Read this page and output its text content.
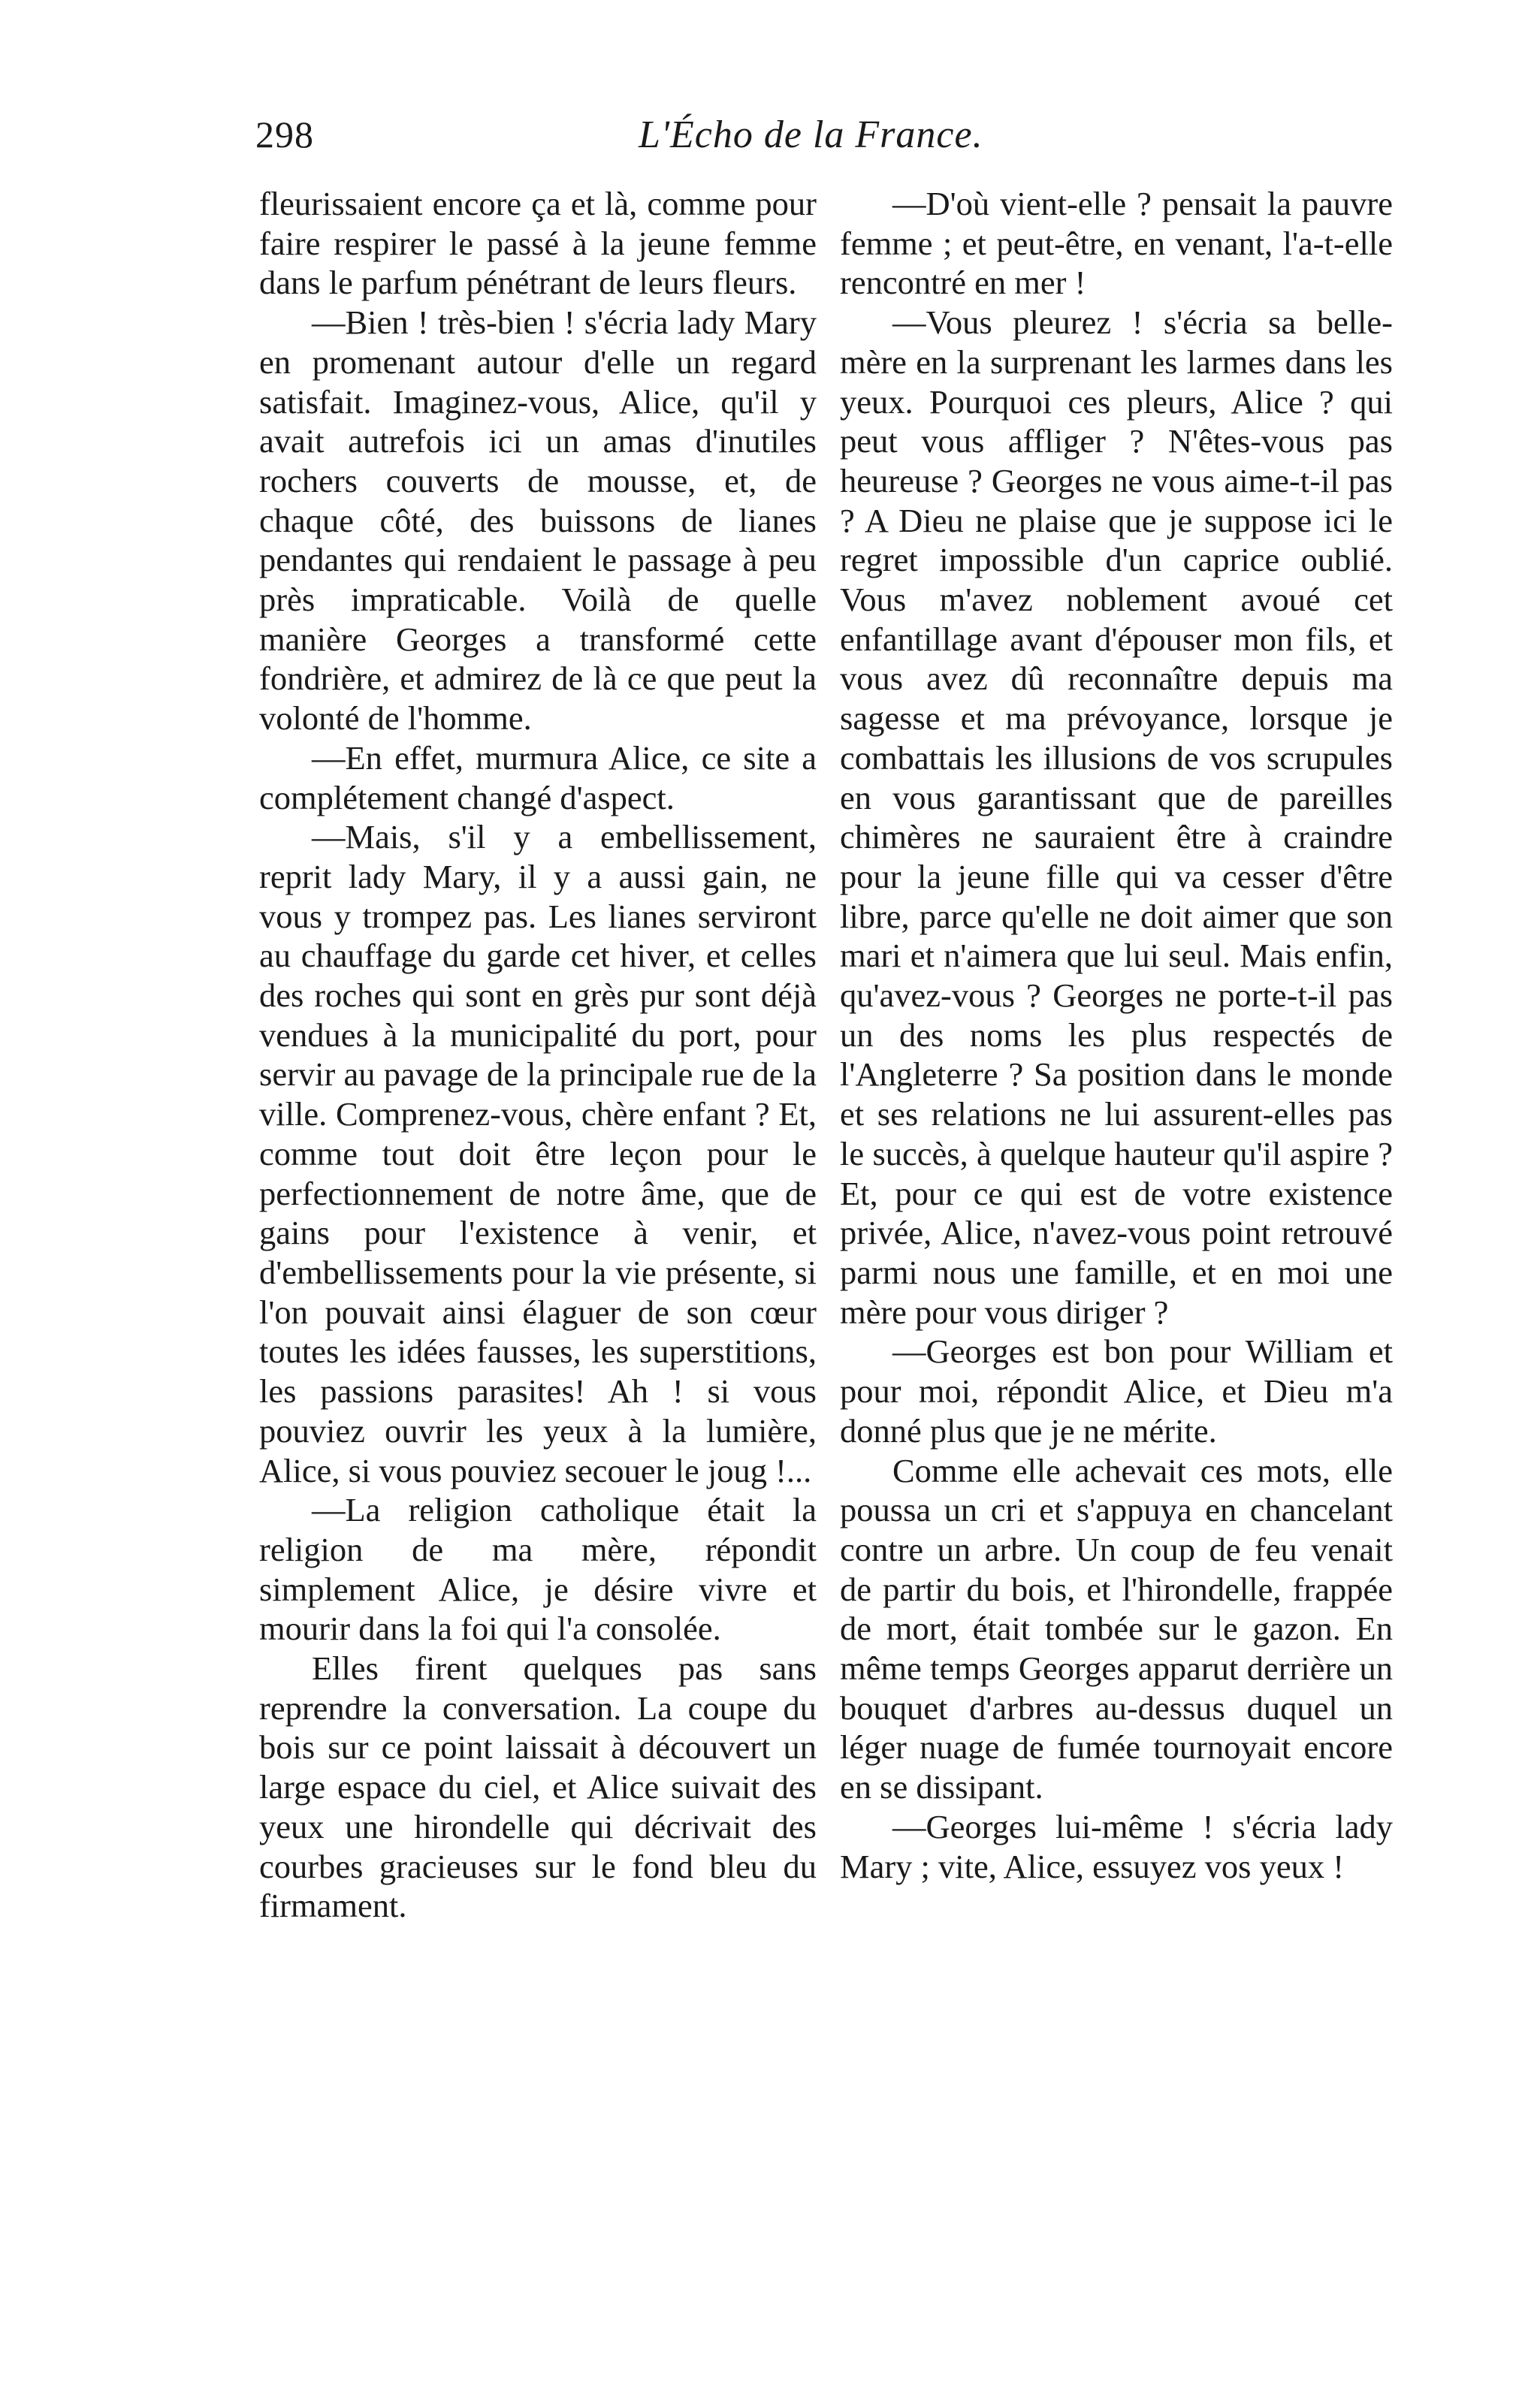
298	L'Écho de la France.

fleurissaient encore ça et là, comme pour faire respirer le passé à la jeune femme dans le parfum pénétrant de leurs fleurs.

—Bien ! très-bien ! s'écria lady Mary en promenant autour d'elle un regard satisfait. Imaginez-vous, Alice, qu'il y avait autrefois ici un amas d'inutiles rochers couverts de mousse, et, de chaque côté, des buissons de lianes pendantes qui rendaient le passage à peu près impraticable. Voilà de quelle manière Georges a transformé cette fondrière, et admirez de là ce que peut la volonté de l'homme.

—En effet, murmura Alice, ce site a complétement changé d'aspect.

—Mais, s'il y a embellissement, reprit lady Mary, il y a aussi gain, ne vous y trompez pas. Les lianes serviront au chauffage du garde cet hiver, et celles des roches qui sont en grès pur sont déjà vendues à la municipalité du port, pour servir au pavage de la principale rue de la ville. Comprenez-vous, chère enfant ? Et, comme tout doit être leçon pour le perfectionnement de notre âme, que de gains pour l'existence à venir, et d'embellissements pour la vie présente, si l'on pouvait ainsi élaguer de son cœur toutes les idées fausses, les superstitions, les passions parasites! Ah ! si vous pouviez ouvrir les yeux à la lumière, Alice, si vous pouviez secouer le joug !...

—La religion catholique était la religion de ma mère, répondit simplement Alice, je désire vivre et mourir dans la foi qui l'a consolée.

Elles firent quelques pas sans reprendre la conversation. La coupe du bois sur ce point laissait à découvert un large espace du ciel, et Alice suivait des yeux une hirondelle qui décrivait des courbes gracieuses sur le fond bleu du firmament.

—D'où vient-elle ? pensait la pauvre femme ; et peut-être, en venant, l'a-t-elle rencontré en mer !

—Vous pleurez ! s'écria sa belle-mère en la surprenant les larmes dans les yeux. Pourquoi ces pleurs, Alice ? qui peut vous affliger ? N'êtes-vous pas heureuse ? Georges ne vous aime-t-il pas ? A Dieu ne plaise que je suppose ici le regret impossible d'un caprice oublié. Vous m'avez noblement avoué cet enfantillage avant d'épouser mon fils, et vous avez dû reconnaître depuis ma sagesse et ma prévoyance, lorsque je combattais les illusions de vos scrupules en vous garantissant que de pareilles chimères ne sauraient être à craindre pour la jeune fille qui va cesser d'être libre, parce qu'elle ne doit aimer que son mari et n'aimera que lui seul. Mais enfin, qu'avez-vous ? Georges ne porte-t-il pas un des noms les plus respectés de l'Angleterre ? Sa position dans le monde et ses relations ne lui assurent-elles pas le succès, à quelque hauteur qu'il aspire ? Et, pour ce qui est de votre existence privée, Alice, n'avez-vous point retrouvé parmi nous une famille, et en moi une mère pour vous diriger ?

—Georges est bon pour William et pour moi, répondit Alice, et Dieu m'a donné plus que je ne mérite.

Comme elle achevait ces mots, elle poussa un cri et s'appuya en chancelant contre un arbre. Un coup de feu venait de partir du bois, et l'hirondelle, frappée de mort, était tombée sur le gazon. En même temps Georges apparut derrière un bouquet d'arbres au-dessus duquel un léger nuage de fumée tournoyait encore en se dissipant.

—Georges lui-même ! s'écria lady Mary ; vite, Alice, essuyez vos yeux !
